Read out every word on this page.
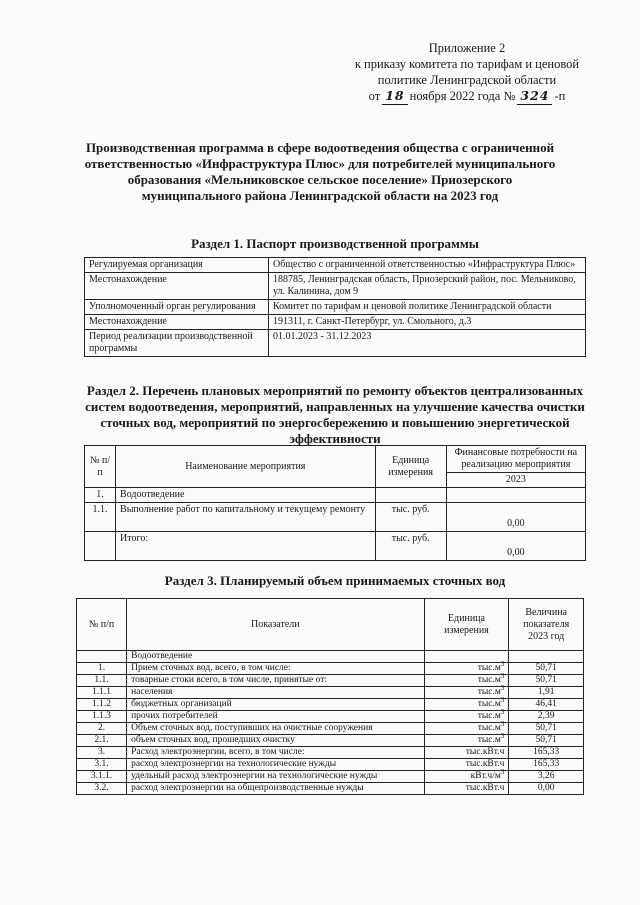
Приложение 2
к приказу комитета по тарифам и ценовой
политике Ленинградской области
от 18 ноября 2022 года № 324 -п
Производственная программа в сфере водоотведения общества с ограниченной ответственностью «Инфраструктура Плюс» для потребителей муниципального образования «Мельниковское сельское поселение» Приозерского муниципального района Ленинградской области на 2023 год
Раздел 1. Паспорт производственной программы
Регулируемая организация	Общество с ограниченной ответственностью «Инфраструктура Плюс»
Местонахождение	188785, Ленинградская область, Приозерский район, пос. Мельниково, ул. Калинина, дом 9
Уполномоченный орган регулирования	Комитет по тарифам и ценовой политике Ленинградской области
Местонахождение	191311, г. Санкт-Петербург, ул. Смольного, д.3
Период реализации производственной программы	01.01.2023 - 31.12.2023
Раздел 2. Перечень плановых мероприятий по ремонту объектов централизованных систем водоотведения, мероприятий, направленных на улучшение качества очистки сточных вод, мероприятий по энергосбережению и повышению энергетической эффективности
№ п/п	Наименование мероприятия	Единица измерения	Финансовые потребности на реализацию мероприятия
			2023
1.	Водоотведение		
1.1.	Выполнение работ по капитальному и текущему ремонту	тыс. руб.	0,00
	Итого:	тыс. руб.	0,00
Раздел 3. Планируемый объем принимаемых сточных вод
№ п/п	Показатели	Единица измерения	Величина показателя 2023 год
	Водоотведение		
1.	Прием сточных вод, всего, в том числе:	$тыс.м^3$	50,71
1.1.	товарные стоки всего, в том числе, принятые от:	$тыс.м^3$	50,71
1.1.1	населения	$тыс.м^3$	1,91
1.1.2	бюджетных организаций	$тыс.м^3$	46,41
1.1.3	прочих потребителей	$тыс.м^3$	2,39
2.	Объем сточных вод, поступивших на очистные сооружения	$тыс.м^3$	50,71
2.1.	объем сточных вод, прошедших очистку	$тыс.м^3$	50,71
3.	Расход электроэнергии, всего, в том числе:	тыс.кВт.ч	165,33
3.1.	расход электроэнергии на технологические нужды	тыс.кВт.ч	165,33
3.1.1.	удельный расход электроэнергии на технологические нужды	$кВт.ч/м^3$	3,26
3.2.	расход электроэнергии на общепроизводственные нужды	тыс.кВт.ч	0,00
